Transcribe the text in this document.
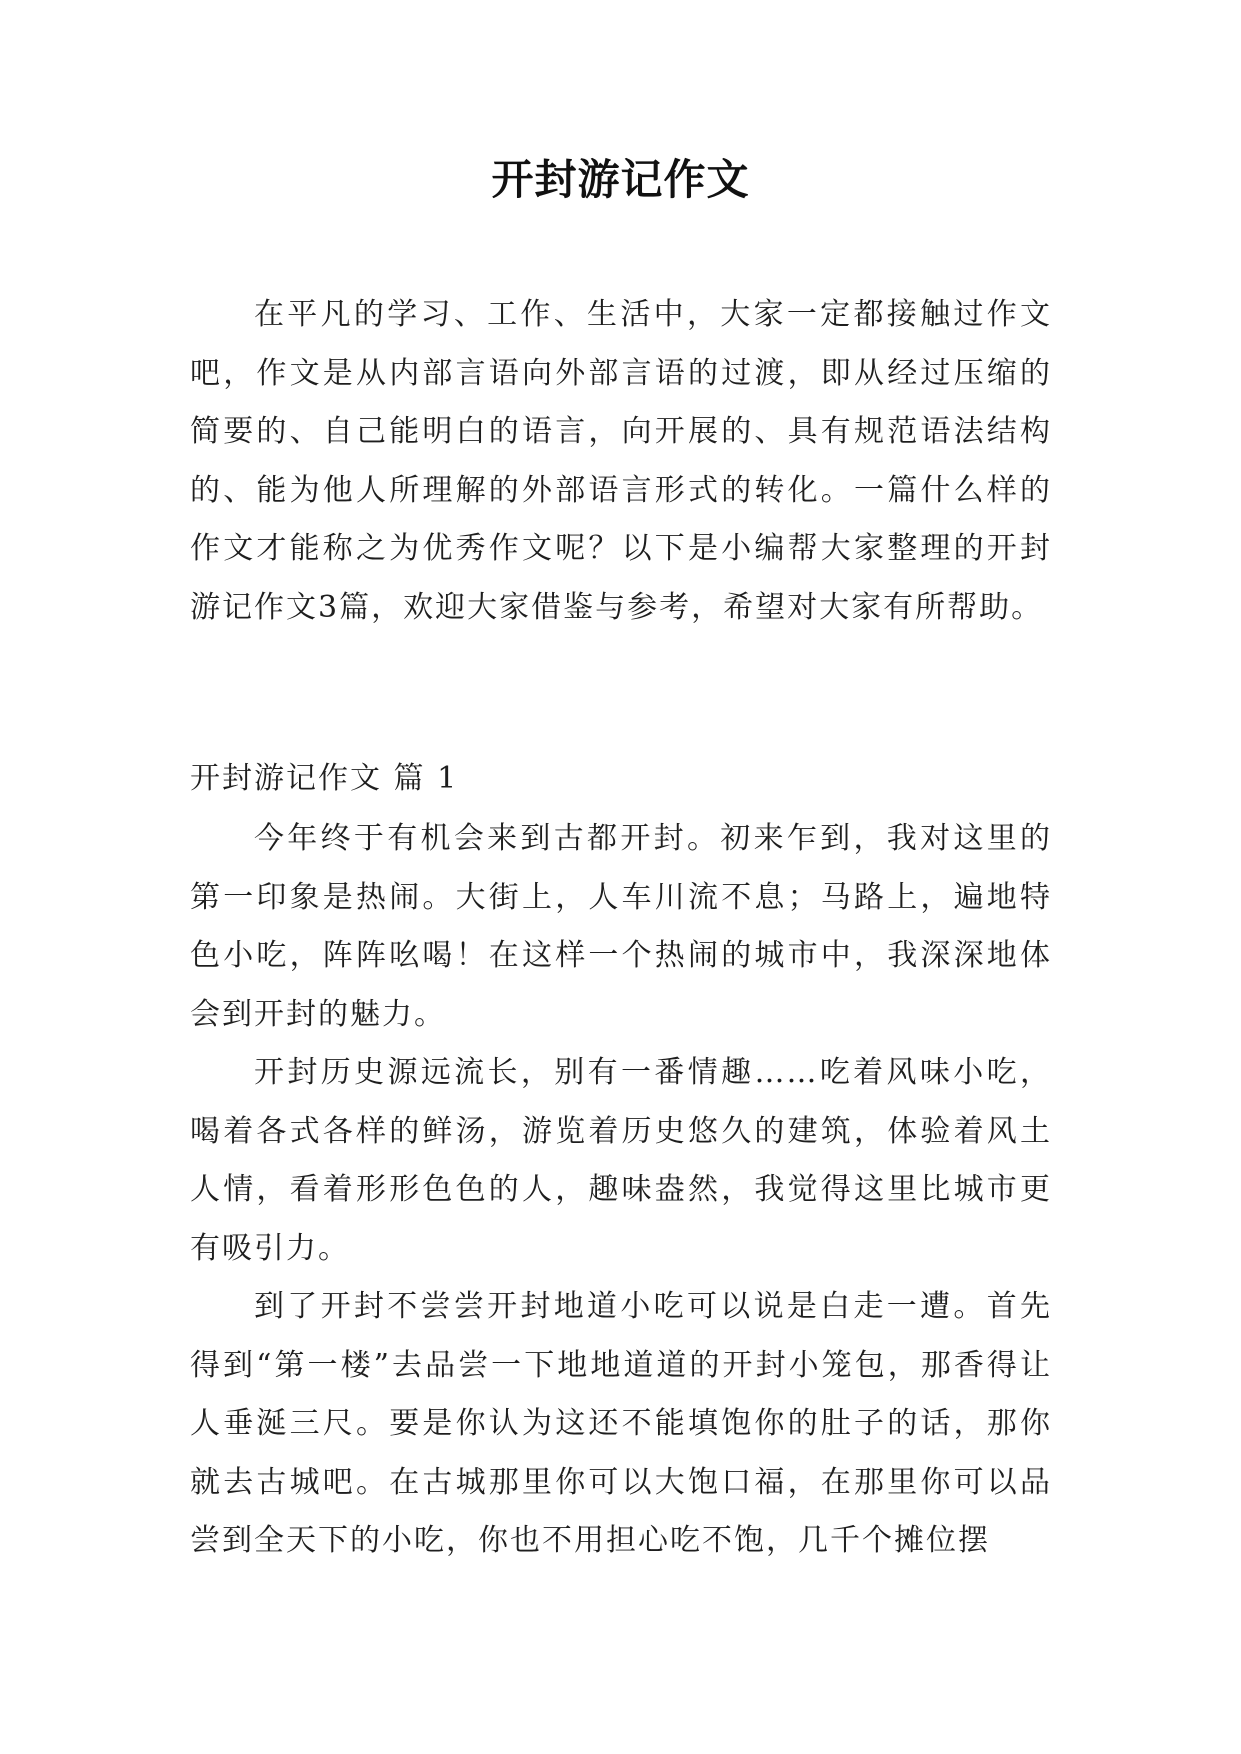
开封游记作文

在平凡的学习、工作、生活中，大家一定都接触过作文吧，作文是从内部言语向外部言语的过渡，即从经过压缩的简要的、自己能明白的语言，向开展的、具有规范语法结构的、能为他人所理解的外部语言形式的转化。一篇什么样的作文才能称之为优秀作文呢？以下是小编帮大家整理的开封游记作文3篇，欢迎大家借鉴与参考，希望对大家有所帮助。

开封游记作文 篇 1

今年终于有机会来到古都开封。初来乍到，我对这里的第一印象是热闹。大街上，人车川流不息；马路上，遍地特色小吃，阵阵吆喝！在这样一个热闹的城市中，我深深地体会到开封的魅力。

开封历史源远流长，别有一番情趣……吃着风味小吃，喝着各式各样的鲜汤，游览着历史悠久的建筑，体验着风土人情，看着形形色色的人，趣味盎然，我觉得这里比城市更有吸引力。

到了开封不尝尝开封地道小吃可以说是白走一遭。首先得到“第一楼”去品尝一下地地道道的开封小笼包，那香得让人垂涎三尺。要是你认为这还不能填饱你的肚子的话，那你就去古城吧。在古城那里你可以大饱口福，在那里你可以品尝到全天下的小吃，你也不用担心吃不饱，几千个摊位摆
